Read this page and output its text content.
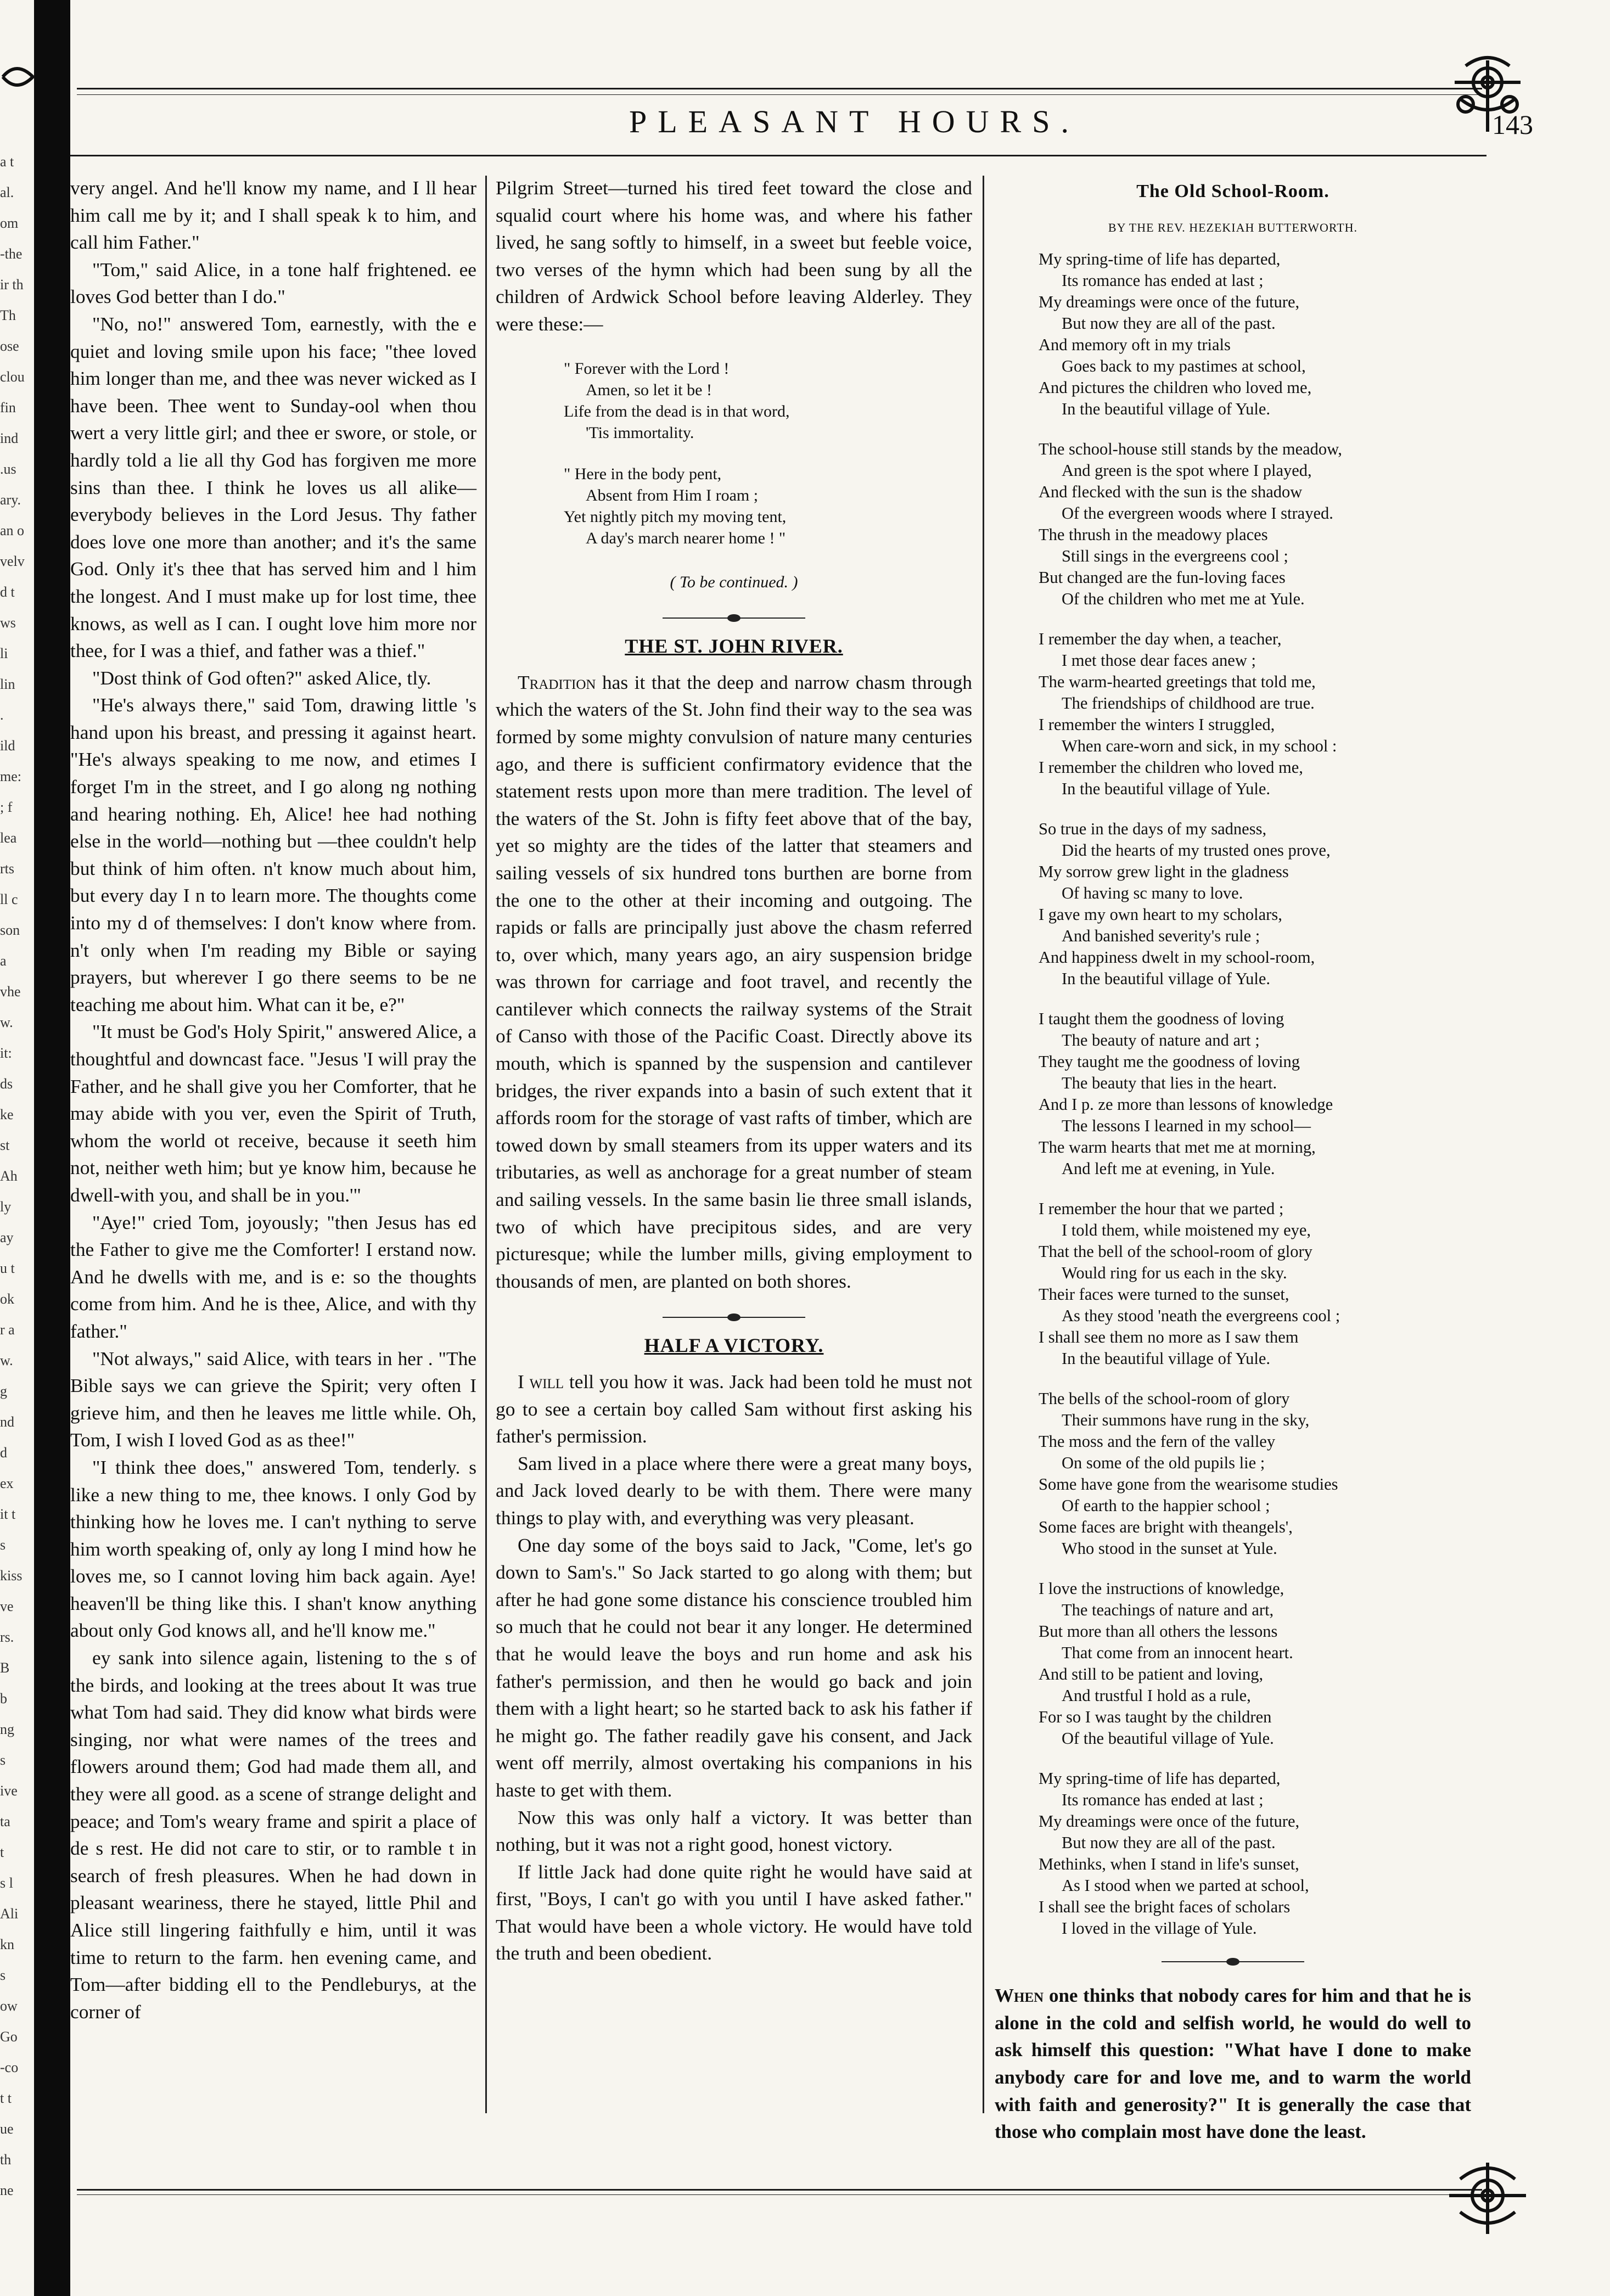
a t
al.
om
-the
ir th
Th
ose
clou
fin
ind
.us
ary.
an o
velv
d t
ws
li
lin
.
ild
me:
; f
lea
rts
ll c
son
a
vhe
w.
it:
ds
ke
st
Ah
ly
ay
u t
ok
r a
w.
g
nd
d
ex
it t
s
kiss
ve
rs.
B
b
ng
s
ive
ta
t
s l
Ali
kn
s
ow
Go
-co
t t
ue
th
ne
PLEASANT HOURS.	143

very angel. And he'll know my name, and I ll hear him call me by it; and I shall speak k to him, and call him Father."

"Tom," said Alice, in a tone half frightened. ee loves God better than I do."

"No, no!" answered Tom, earnestly, with the e quiet and loving smile upon his face; "thee loved him longer than me, and thee was never wicked as I have been. Thee went to Sunday-ool when thou wert a very little girl; and thee er swore, or stole, or hardly told a lie all thy God has forgiven me more sins than thee. I think he loves us all alike—everybody believes in the Lord Jesus. Thy father does love one more than another; and it's the same God. Only it's thee that has served him and l him the longest. And I must make up for lost time, thee knows, as well as I can. I ought love him more nor thee, for I was a thief, and father was a thief."

"Dost think of God often?" asked Alice, tly.

"He's always there," said Tom, drawing little 's hand upon his breast, and pressing it against heart. "He's always speaking to me now, and etimes I forget I'm in the street, and I go along ng nothing and hearing nothing. Eh, Alice! hee had nothing else in the world—nothing but —thee couldn't help but think of him often. n't know much about him, but every day I n to learn more. The thoughts come into my d of themselves: I don't know where from. n't only when I'm reading my Bible or saying prayers, but wherever I go there seems to be ne teaching me about him. What can it be, e?"

"It must be God's Holy Spirit," answered Alice, a thoughtful and downcast face. "Jesus 'I will pray the Father, and he shall give you her Comforter, that he may abide with you ver, even the Spirit of Truth, whom the world ot receive, because it seeth him not, neither weth him; but ye know him, because he dwell-with you, and shall be in you.'"

"Aye!" cried Tom, joyously; "then Jesus has ed the Father to give me the Comforter! I erstand now. And he dwells with me, and is e: so the thoughts come from him. And he is thee, Alice, and with thy father."

"Not always," said Alice, with tears in her . "The Bible says we can grieve the Spirit; very often I grieve him, and then he leaves me little while. Oh, Tom, I wish I loved God as as thee!"

"I think thee does," answered Tom, tenderly. s like a new thing to me, thee knows. I only God by thinking how he loves me. I can't nything to serve him worth speaking of, only ay long I mind how he loves me, so I cannot loving him back again. Aye! heaven'll be thing like this. I shan't know anything about only God knows all, and he'll know me."

ey sank into silence again, listening to the s of the birds, and looking at the trees about It was true what Tom had said. They did know what birds were singing, nor what were names of the trees and flowers around them; God had made them all, and they were all good. as a scene of strange delight and peace; and Tom's weary frame and spirit a place of de s rest. He did not care to stir, or to ramble t in search of fresh pleasures. When he had down in pleasant weariness, there he stayed, little Phil and Alice still lingering faithfully e him, until it was time to return to the farm. hen evening came, and Tom—after bidding ell to the Pendleburys, at the corner of

Pilgrim Street—turned his tired feet toward the close and squalid court where his home was, and where his father lived, he sang softly to himself, in a sweet but feeble voice, two verses of the hymn which had been sung by all the children of Ardwick School before leaving Alderley. They were these:—

" Forever with the Lord !
Amen, so let it be !
Life from the dead is in that word,
'Tis immortality.
" Here in the body pent,
Absent from Him I roam ;
Yet nightly pitch my moving tent,
A day's march nearer home ! "
( To be continued. )
THE ST. JOHN RIVER.

Tradition has it that the deep and narrow chasm through which the waters of the St. John find their way to the sea was formed by some mighty convulsion of nature many centuries ago, and there is sufficient confirmatory evidence that the statement rests upon more than mere tradition. The level of the waters of the St. John is fifty feet above that of the bay, yet so mighty are the tides of the latter that steamers and sailing vessels of six hundred tons burthen are borne from the one to the other at their incoming and outgoing. The rapids or falls are principally just above the chasm referred to, over which, many years ago, an airy suspension bridge was thrown for carriage and foot travel, and recently the cantilever which connects the railway systems of the Strait of Canso with those of the Pacific Coast. Directly above its mouth, which is spanned by the suspension and cantilever bridges, the river expands into a basin of such extent that it affords room for the storage of vast rafts of timber, which are towed down by small steamers from its upper waters and its tributaries, as well as anchorage for a great number of steam and sailing vessels. In the same basin lie three small islands, two of which have precipitous sides, and are very picturesque; while the lumber mills, giving employment to thousands of men, are planted on both shores.

HALF A VICTORY.

I will tell you how it was. Jack had been told he must not go to see a certain boy called Sam without first asking his father's permission.

Sam lived in a place where there were a great many boys, and Jack loved dearly to be with them. There were many things to play with, and everything was very pleasant.

One day some of the boys said to Jack, "Come, let's go down to Sam's." So Jack started to go along with them; but after he had gone some distance his conscience troubled him so much that he could not bear it any longer. He determined that he would leave the boys and run home and ask his father's permission, and then he would go back and join them with a light heart; so he started back to ask his father if he might go. The father readily gave his consent, and Jack went off merrily, almost overtaking his companions in his haste to get with them.

Now this was only half a victory. It was better than nothing, but it was not a right good, honest victory.

If little Jack had done quite right he would have said at first, "Boys, I can't go with you until I have asked father." That would have been a whole victory. He would have told the truth and been obedient.

The Old School-Room.
BY THE REV. HEZEKIAH BUTTERWORTH.
My spring-time of life has departed,
Its romance has ended at last ;
My dreamings were once of the future,
But now they are all of the past.
And memory oft in my trials
Goes back to my pastimes at school,
And pictures the children who loved me,
In the beautiful village of Yule.
The school-house still stands by the meadow,
And green is the spot where I played,
And flecked with the sun is the shadow
Of the evergreen woods where I strayed.
The thrush in the meadowy places
Still sings in the evergreens cool ;
But changed are the fun-loving faces
Of the children who met me at Yule.
I remember the day when, a teacher,
I met those dear faces anew ;
The warm-hearted greetings that told me,
The friendships of childhood are true.
I remember the winters I struggled,
When care-worn and sick, in my school :
I remember the children who loved me,
In the beautiful village of Yule.
So true in the days of my sadness,
Did the hearts of my trusted ones prove,
My sorrow grew light in the gladness
Of having sc many to love.
I gave my own heart to my scholars,
And banished severity's rule ;
And happiness dwelt in my school-room,
In the beautiful village of Yule.
I taught them the goodness of loving
The beauty of nature and art ;
They taught me the goodness of loving
The beauty that lies in the heart.
And I p. ze more than lessons of knowledge
The lessons I learned in my school—
The warm hearts that met me at morning,
And left me at evening, in Yule.
I remember the hour that we parted ;
I told them, while moistened my eye,
That the bell of the school-room of glory
Would ring for us each in the sky.
Their faces were turned to the sunset,
As they stood 'neath the evergreens cool ;
I shall see them no more as I saw them
In the beautiful village of Yule.
The bells of the school-room of glory
Their summons have rung in the sky,
The moss and the fern of the valley
On some of the old pupils lie ;
Some have gone from the wearisome studies
Of earth to the happier school ;
Some faces are bright with theangels',
Who stood in the sunset at Yule.
I love the instructions of knowledge,
The teachings of nature and art,
But more than all others the lessons
That come from an innocent heart.
And still to be patient and loving,
And trustful I hold as a rule,
For so I was taught by the children
Of the beautiful village of Yule.
My spring-time of life has departed,
Its romance has ended at last ;
My dreamings were once of the future,
But now they are all of the past.
Methinks, when I stand in life's sunset,
As I stood when we parted at school,
I shall see the bright faces of scholars
I loved in the village of Yule.
When one thinks that nobody cares for him and that he is alone in the cold and selfish world, he would do well to ask himself this question: "What have I done to make anybody care for and love me, and to warm the world with faith and generosity?" It is generally the case that those who complain most have done the least.
